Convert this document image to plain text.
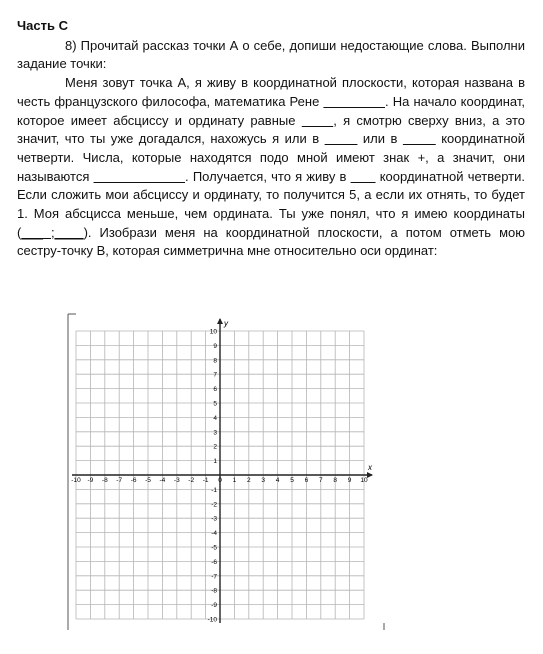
Часть С
8) Прочитай рассказ точки А о себе, допиши недостающие слова. Выполни задание точки:
Меня зовут точка А, я живу в координатной плоскости, которая названа в честь французского философа, математика Рене	. На начало координат, которое имеет абсциссу и ординату равные      , я смотрю сверху вниз, а это значит, что ты уже догадался, нахожусь я или в	или в	координатной четверти. Числа, которые находятся подо мной имеют знак +, а значит, они называются	. Получается, что я живу в        координатной четверти. Если сложить мои абсциссу и ординату, то получится 5, а если их отнять, то будет 1. Моя абсцисса меньше, чем ордината. Ты уже понял, что я имею координаты (___ ;____). Изобрази меня на координатной плоскости, а потом отметь мою сестру-точку В, которая симметрична мне относительно оси ординат:
x
y
-10 -9 -8 -7 -6 -5 -4 -3 -2 -1 0 1 2 3 4 5 6 7 8 9 10
10
9
8
7
6
5
4
3
2
1
-1
-2
-3
-4
-5
-6
-7
-8
-9
-10
